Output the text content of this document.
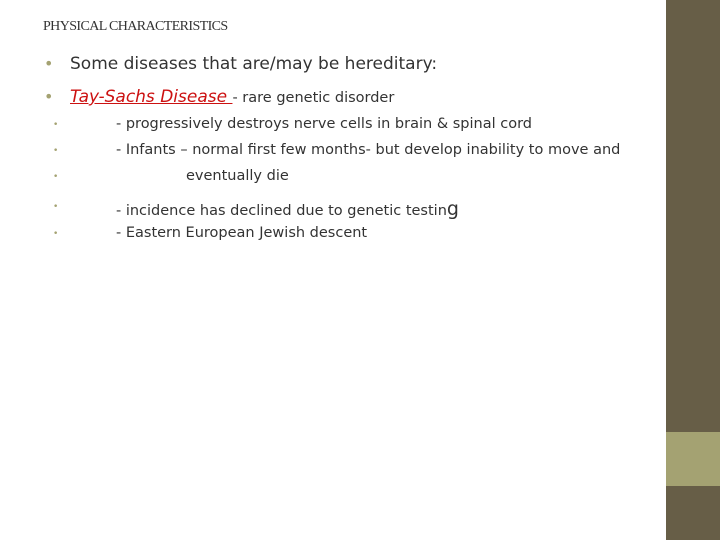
PHYSICAL CHARACTERISTICS
• Some diseases that are/may be hereditary:
• Tay-Sachs Disease - rare genetic disorder
•	- progressively destroys nerve cells in brain & spinal cord
•	- Infants – normal first few months- but develop inability to move and
•	eventually die
•	- incidence has declined due to genetic testing
•	- Eastern European Jewish descent
